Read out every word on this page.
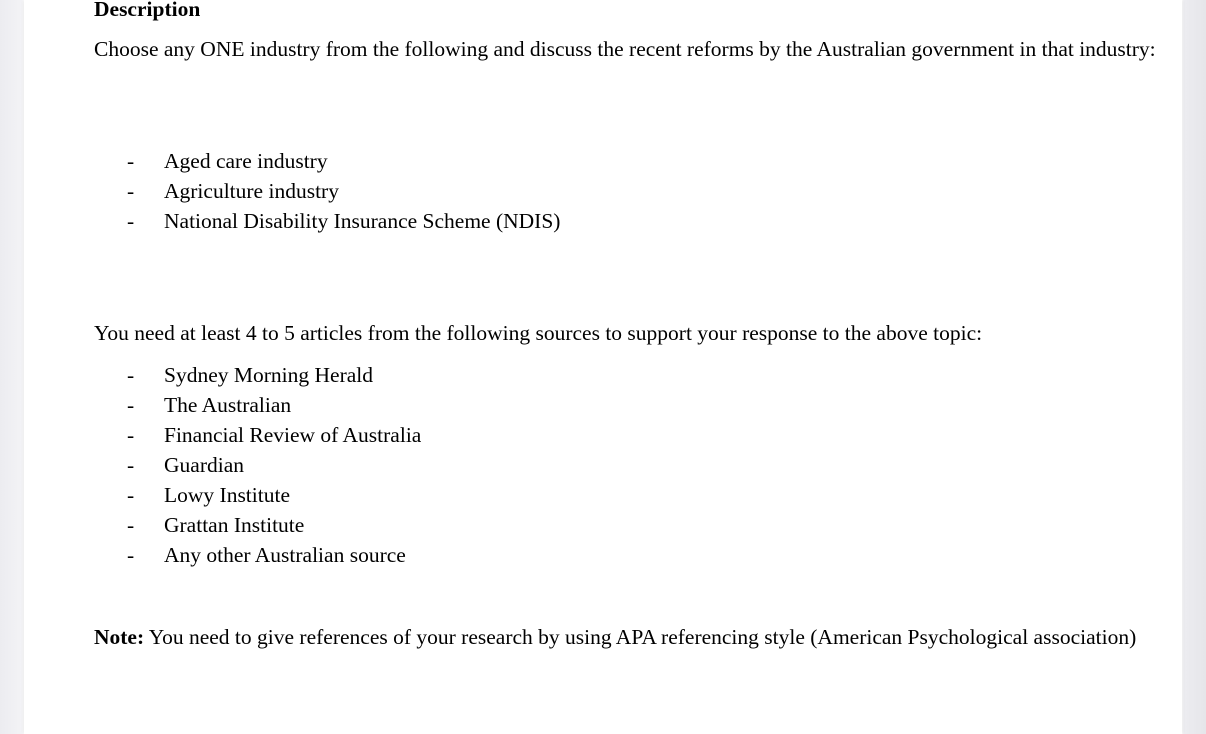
Description

Choose any ONE industry from the following and discuss the recent reforms by the Australian government in that industry:

- Aged care industry
- Agriculture industry
- National Disability Insurance Scheme (NDIS)

You need at least 4 to 5 articles from the following sources to support your response to the above topic:

- Sydney Morning Herald
- The Australian
- Financial Review of Australia
- Guardian
- Lowy Institute
- Grattan Institute
- Any other Australian source

Note: You need to give references of your research by using APA referencing style (American Psychological association)
